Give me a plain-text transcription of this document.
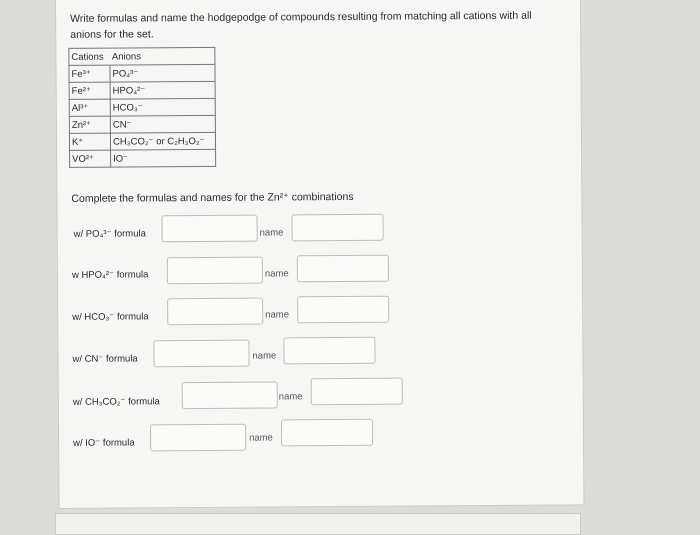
Write formulas and name the hodgepodge of compounds resulting from matching all cations with all anions for the set.
Cations	Anions
Fe³⁺	PO₄³⁻
Fe²⁺	HPO₄²⁻
Al³⁺	HCO₃⁻
Zn²⁺	CN⁻
K⁺	CH₃CO₂⁻ or C₂H₃O₂⁻
VO²⁺	IO⁻
Complete the formulas and names for the Zn²⁺ combinations
w/ PO₄³⁻ formula	name
w HPO₄²⁻ formula	name
w/ HCO₃⁻ formula	name
w/ CN⁻ formula	name
w/ CH₃CO₂⁻ formula	name
w/ IO⁻ formula	name
